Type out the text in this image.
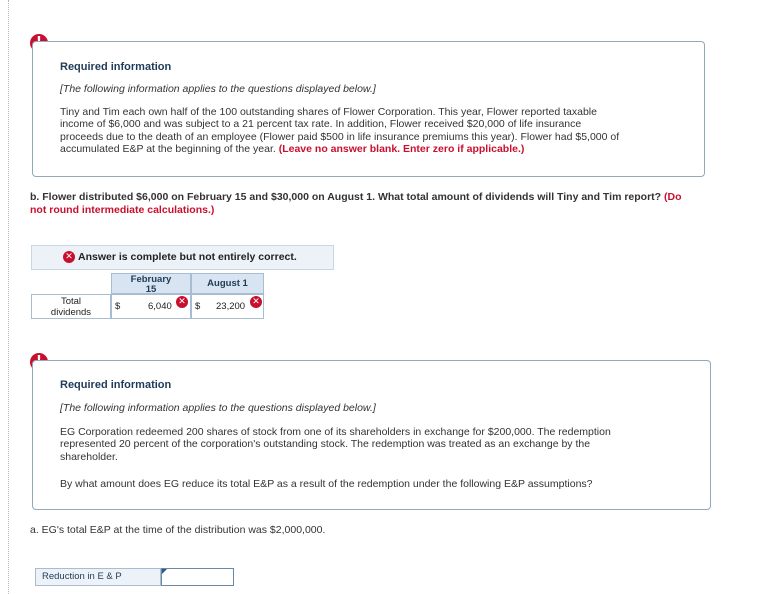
Required information
[The following information applies to the questions displayed below.]
Tiny and Tim each own half of the 100 outstanding shares of Flower Corporation. This year, Flower reported taxable
income of $6,000 and was subject to a 21 percent tax rate. In addition, Flower received $20,000 of life insurance
proceeds due to the death of an employee (Flower paid $500 in life insurance premiums this year). Flower had $5,000 of
accumulated E&P at the beginning of the year. (Leave no answer blank. Enter zero if applicable.)
b. Flower distributed $6,000 on February 15 and $30,000 on August 1. What total amount of dividends will Tiny and Tim report? (Do
not round intermediate calculations.)
✕ Answer is complete but not entirely correct.
February
15
August 1
Total
dividends
$	6,040 ✕ $ 23,200 ✕
Required information
[The following information applies to the questions displayed below.]
EG Corporation redeemed 200 shares of stock from one of its shareholders in exchange for $200,000. The redemption
represented 20 percent of the corporation's outstanding stock. The redemption was treated as an exchange by the
shareholder.
By what amount does EG reduce its total E&P as a result of the redemption under the following E&P assumptions?
a. EG's total E&P at the time of the distribution was $2,000,000.
Reduction in E & P
